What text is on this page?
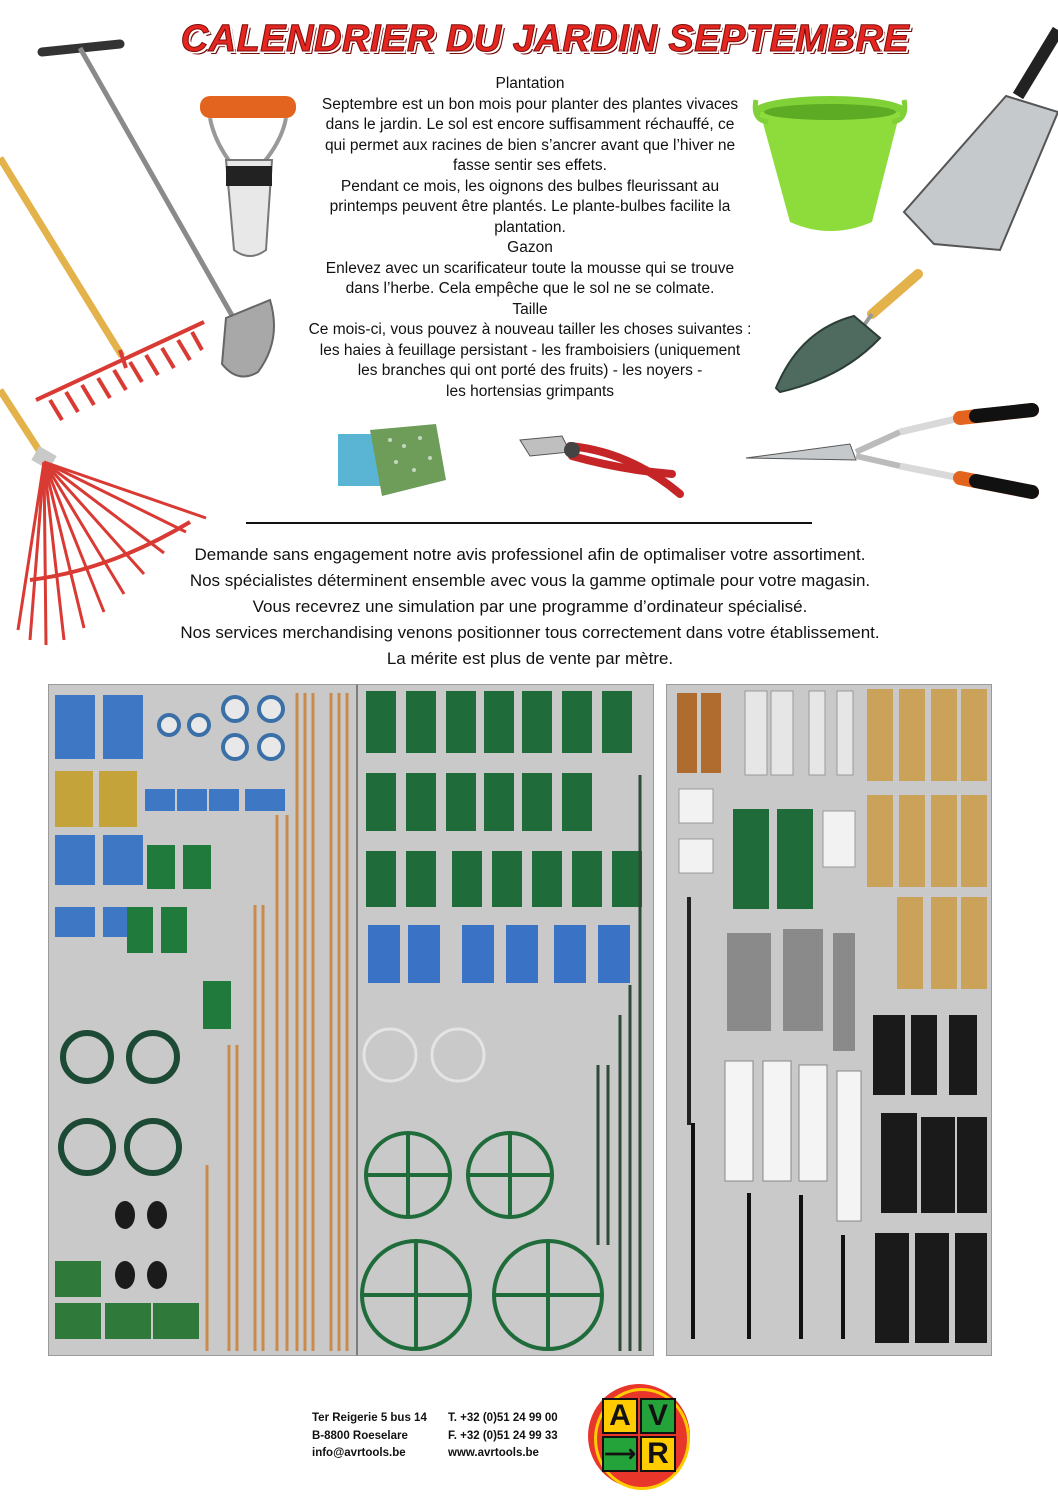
CALENDRIER DU JARDIN SEPTEMBRE

Plantation

Septembre est un bon mois pour planter des plantes vivaces

dans le jardin. Le sol est encore suffisamment réchauffé, ce

qui permet aux racines de bien s’ancrer avant que l’hiver ne

fasse sentir ses effets.

Pendant ce mois, les oignons des bulbes fleurissant au

printemps peuvent être plantés. Le plante-bulbes facilite la

plantation.

Gazon

Enlevez avec un scarificateur toute la mousse qui se trouve

dans l’herbe. Cela empêche que le sol ne se colmate.

Taille

Ce mois-ci, vous pouvez à nouveau tailler les choses suivantes :

les haies à feuillage persistant - les framboisiers (uniquement

les branches qui ont porté des fruits) - les noyers -

les hortensias grimpants

Demande sans engagement notre avis professionel afin de optimaliser votre assortiment.

Nos spécialistes déterminent ensemble avec vous la gamme optimale pour votre magasin.

Vous recevrez une simulation par une programme d’ordinateur spécialisé.

Nos services merchandising venons positionner tous correctement dans votre établissement.

La mérite est plus de vente par mètre.

Ter Reigerie 5 bus 14
B-8800 Roeselare
info@avrtools.be
T. +32 (0)51 24 99 00
F. +32 (0)51 24 99 33
www.avrtools.be
A V
⟶ R
